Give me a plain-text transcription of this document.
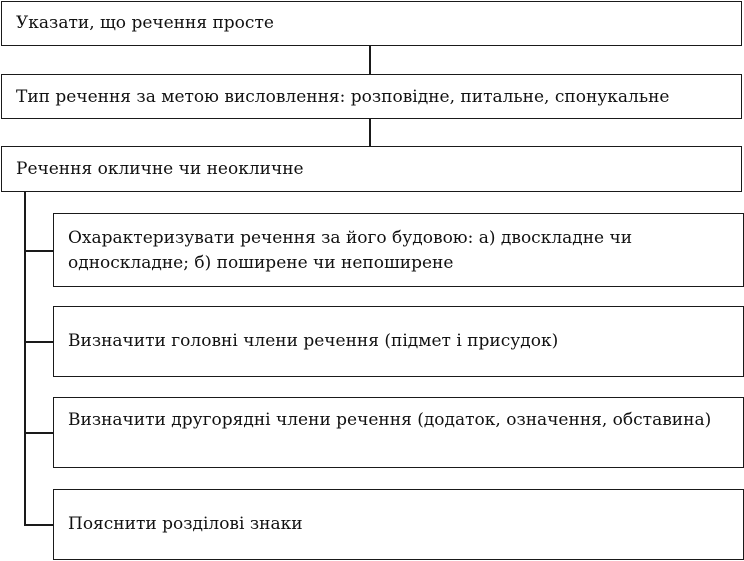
Указати, що речення просте
Тип речення за метою висловлення: розповідне, питальне, спонукальне
Речення окличне чи неокличне
Охарактеризувати речення за його будовою: а) двоскладне чи односкладне; б) поширене чи непоширене
Визначити головні члени речення (підмет і присудок)
Визначити другорядні члени речення (додаток, означення, обставина)
Пояснити розділові знаки
